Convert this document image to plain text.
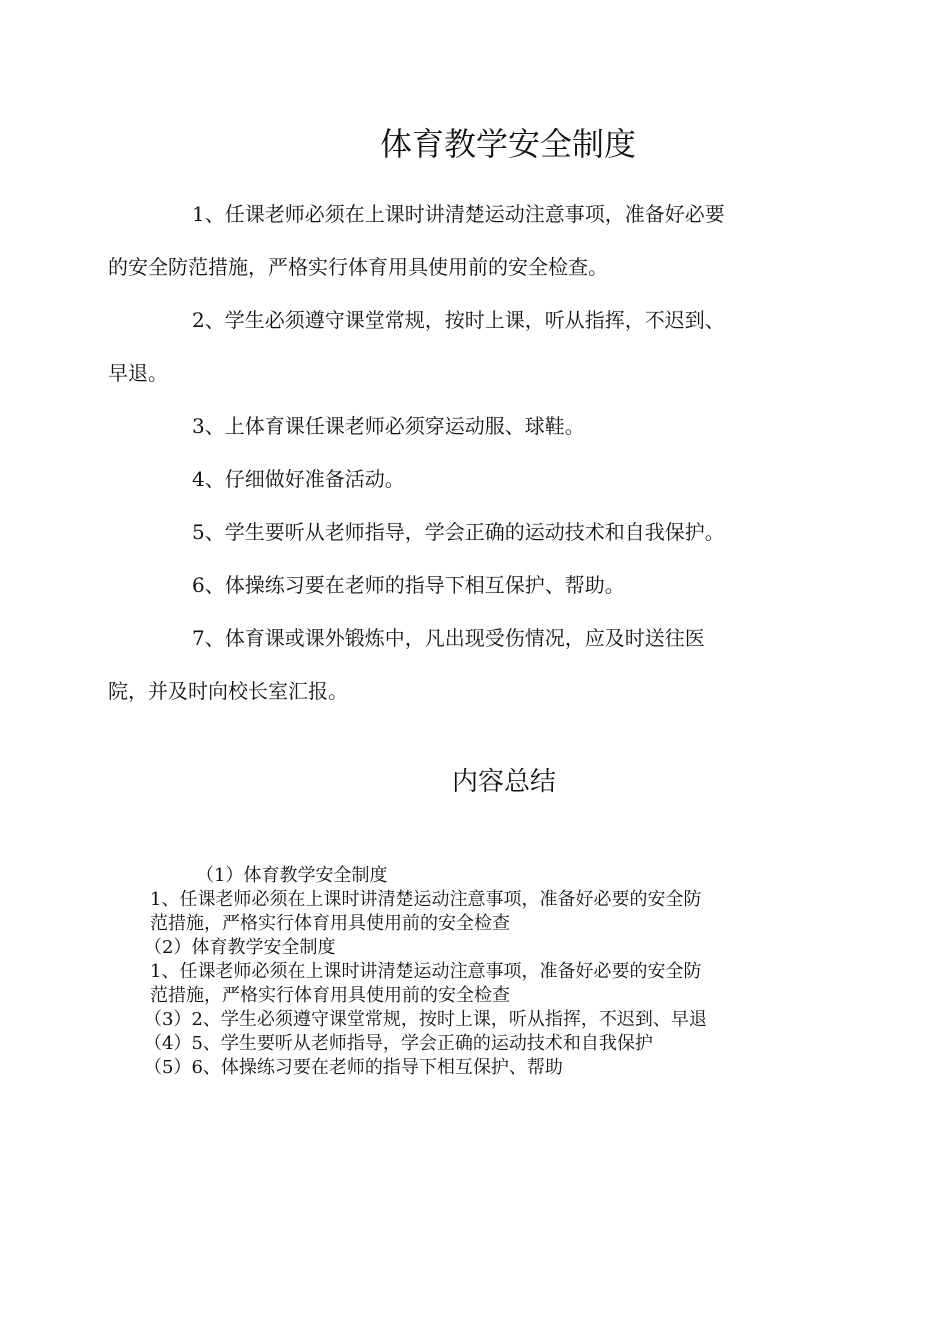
体育教学安全制度

1、任课老师必须在上课时讲清楚运动注意事项，准备好必要
的安全防范措施，严格实行体育用具使用前的安全检查。

2、学生必须遵守课堂常规，按时上课，听从指挥，不迟到、
早退。

3、上体育课任课老师必须穿运动服、球鞋。

4、仔细做好准备活动。

5、学生要听从老师指导，学会正确的运动技术和自我保护。

6、体操练习要在老师的指导下相互保护、帮助。

7、体育课或课外锻炼中，凡出现受伤情况，应及时送往医
院，并及时向校长室汇报。

内容总结
（1）体育教学安全制度
1、任课老师必须在上课时讲清楚运动注意事项，准备好必要的安全防
范措施，严格实行体育用具使用前的安全检查
（2）体育教学安全制度
1、任课老师必须在上课时讲清楚运动注意事项，准备好必要的安全防
范措施，严格实行体育用具使用前的安全检查
（3）2、学生必须遵守课堂常规，按时上课，听从指挥，不迟到、早退
（4）5、学生要听从老师指导，学会正确的运动技术和自我保护
（5）6、体操练习要在老师的指导下相互保护、帮助
